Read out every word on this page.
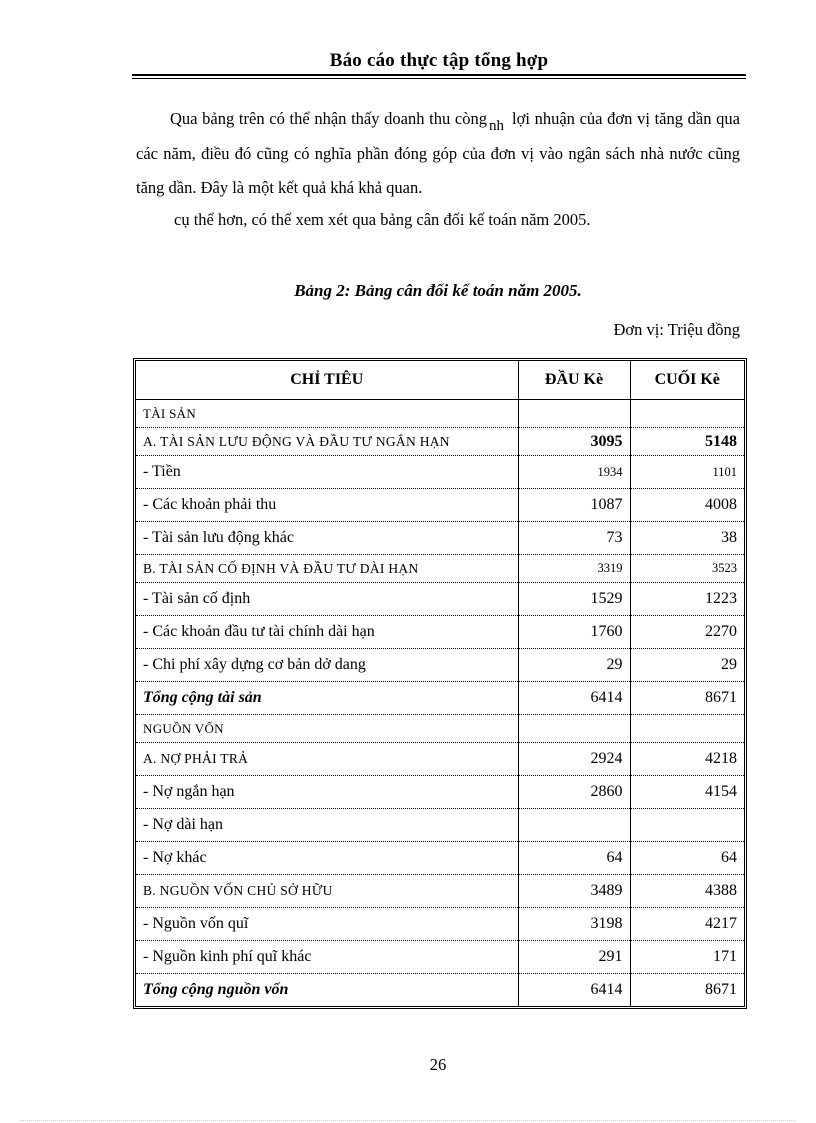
Báo cáo thực tập tổng hợp
Qua bảng trên có thể nhận thấy doanh thu còng nh lợi nhuận của đơn vị tăng dần qua các năm, điều đó cũng có nghĩa phần đóng góp của đơn vị vào ngân sách nhà nước cũng tăng dần. Đây là một kết quả khá khả quan.
cụ thể hơn, có thể xem xét qua bảng cân đối kế toán năm 2005.
Bảng 2: Bảng cân đối kế toán năm 2005.
Đơn vị: Triệu đồng
CHỈ TIÊU	ĐẦU Kè	CUỐI Kè
TÀI SẢN		
A. TÀI SẢN LƯU ĐỘNG VÀ ĐẦU TƯ NGẮN HẠN	3095	5148
- Tiền	1934	1101
- Các khoản phải thu	1087	4008
- Tài sản lưu động khác	73	38
B. TÀI SẢN CỐ ĐỊNH VÀ ĐẦU TƯ DÀI HẠN	3319	3523
- Tài sản cố định	1529	1223
- Các khoản đầu tư tài chính dài hạn	1760	2270
- Chi phí xây dựng cơ bản dở dang	29	29
Tổng cộng tài sản	6414	8671
NGUỒN VỐN		
A. NỢ PHẢI TRẢ	2924	4218
- Nợ ngắn hạn	2860	4154
- Nợ dài hạn		
- Nợ khác	64	64
B. NGUỒN VỐN CHỦ SỞ HỮU	3489	4388
- Nguồn vốn quĩ	3198	4217
- Nguồn kinh phí quĩ khác	291	171
Tổng cộng nguồn vốn	6414	8671
26
